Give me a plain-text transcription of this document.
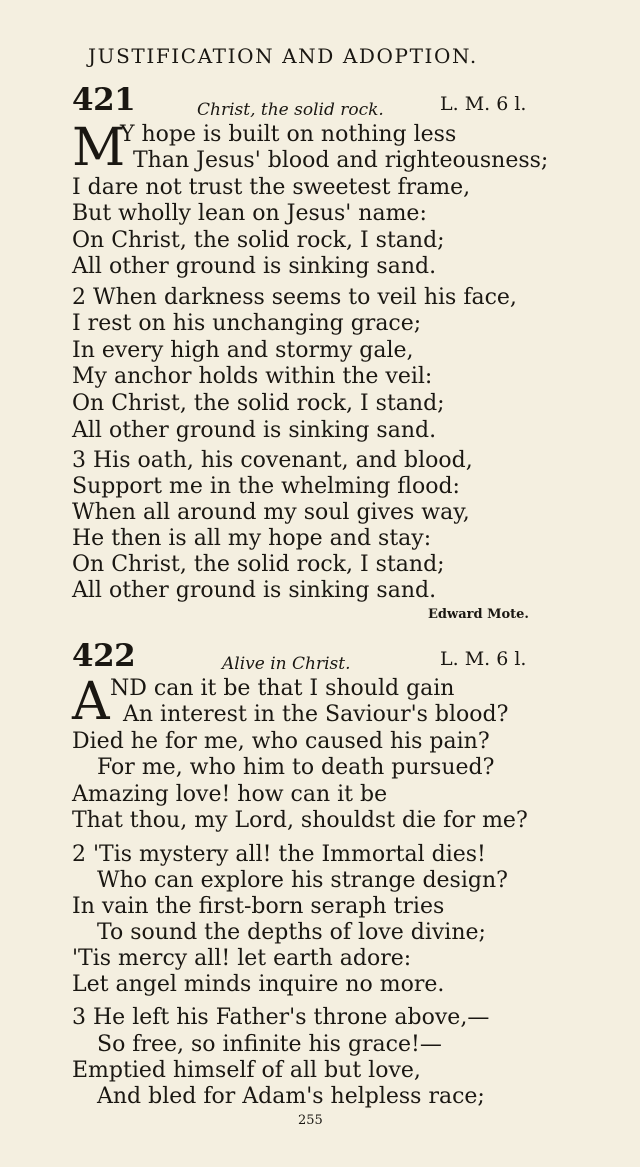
JUSTIFICATION AND ADOPTION.
421	Christ, the solid rock.	L. M. 6 l.
M
Y hope is built on nothing less
Than Jesus' blood and righteousness;
I dare not trust the sweetest frame,
But wholly lean on Jesus' name:
On Christ, the solid rock, I stand;
All other ground is sinking sand.
2 When darkness seems to veil his face,
I rest on his unchanging grace;
In every high and stormy gale,
My anchor holds within the veil:
On Christ, the solid rock, I stand;
All other ground is sinking sand.
3 His oath, his covenant, and blood,
Support me in the whelming flood:
When all around my soul gives way,
He then is all my hope and stay:
On Christ, the solid rock, I stand;
All other ground is sinking sand.
Edward Mote.
422	Alive in Christ.	L. M. 6 l.
A ND can it be that I should gain
An interest in the Saviour's blood?
Died he for me, who caused his pain?
For me, who him to death pursued?
Amazing love! how can it be
That thou, my Lord, shouldst die for me?
2 'Tis mystery all! the Immortal dies!
Who can explore his strange design?
In vain the first-born seraph tries
To sound the depths of love divine;
'Tis mercy all! let earth adore:
Let angel minds inquire no more.
3 He left his Father's throne above,—
So free, so infinite his grace!—
Emptied himself of all but love,
And bled for Adam's helpless race;
255
